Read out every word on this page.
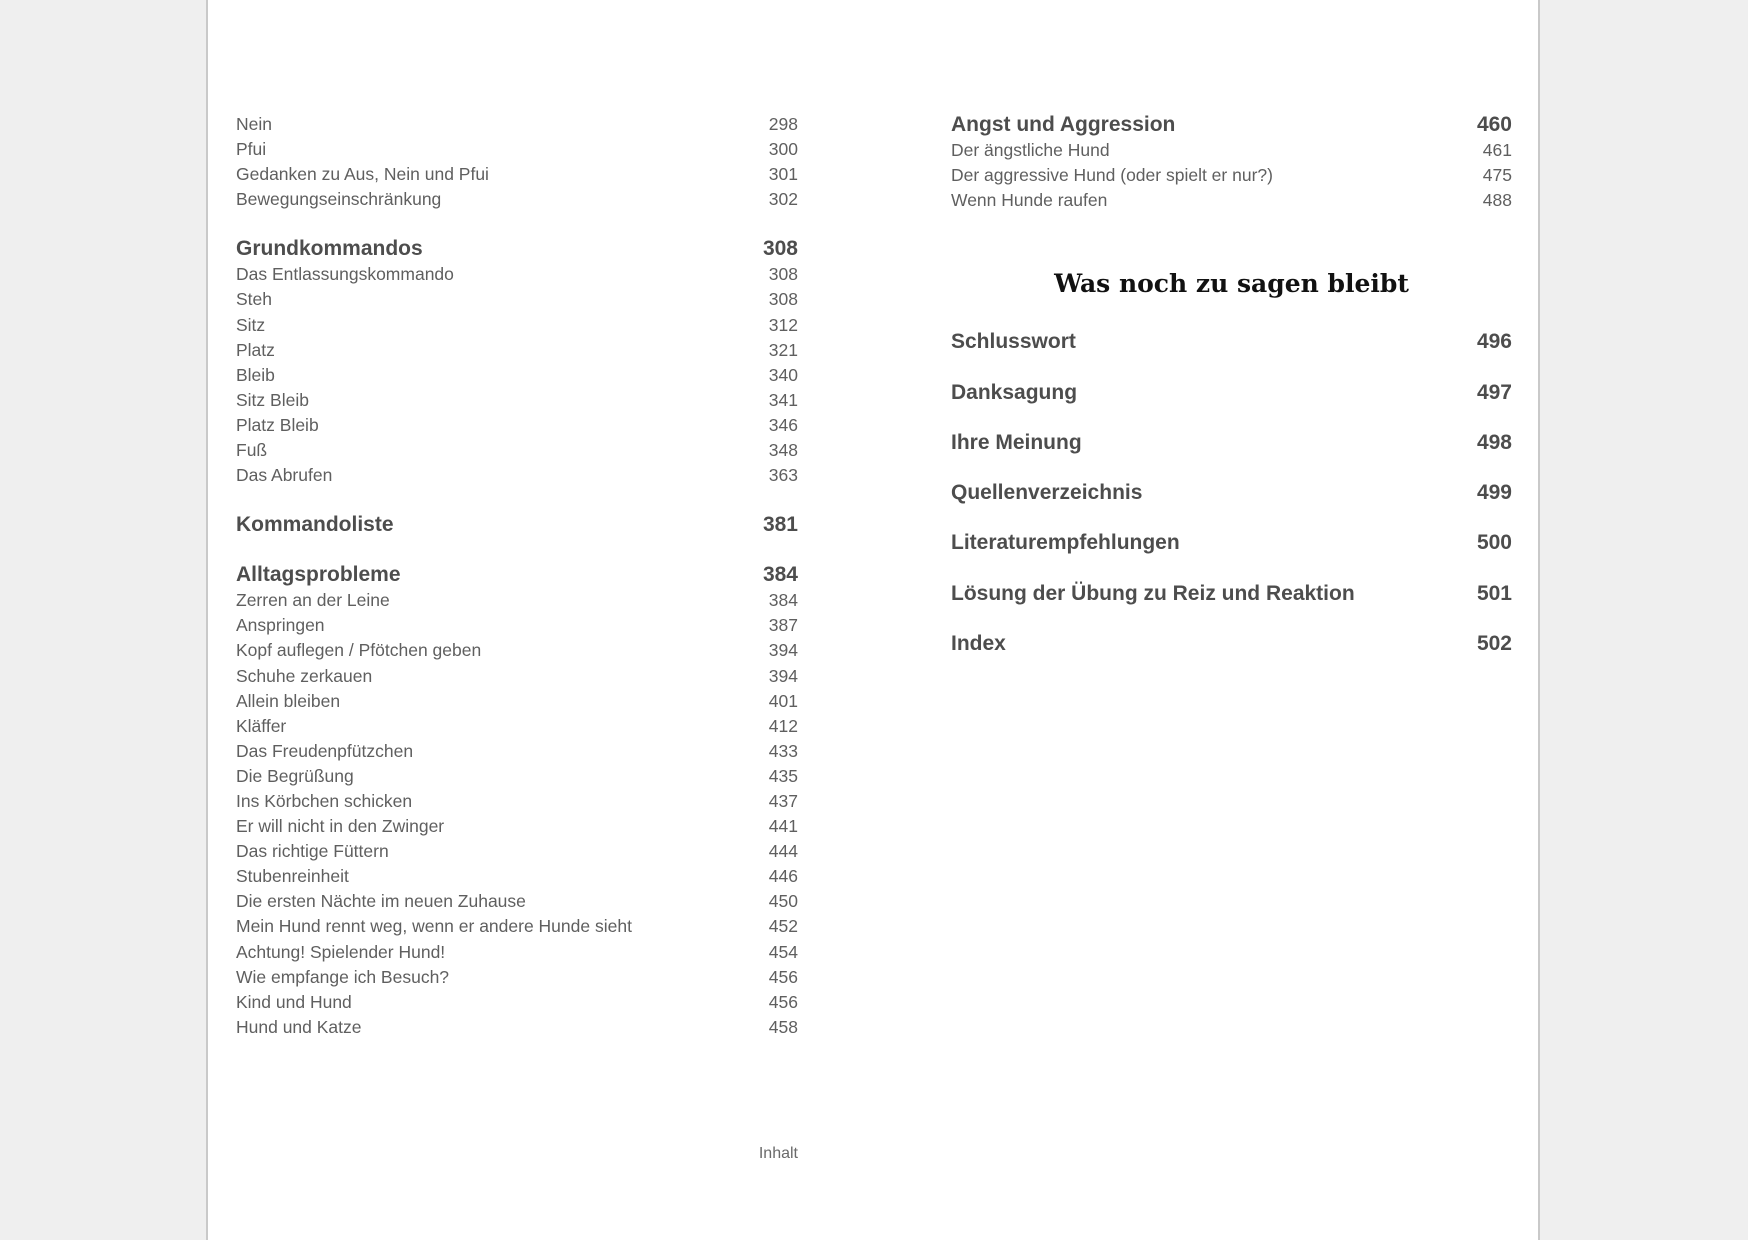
Nein	298
Pfui	300
Gedanken zu Aus, Nein und Pfui	301
Bewegungseinschränkung	302
Grundkommandos	308
Das Entlassungskommando	308
Steh	308
Sitz	312
Platz	321
Bleib	340
Sitz Bleib	341
Platz Bleib	346
Fuß	348
Das Abrufen	363
Kommandoliste	381
Alltagsprobleme	384
Zerren an der Leine	384
Anspringen	387
Kopf auflegen / Pfötchen geben	394
Schuhe zerkauen	394
Allein bleiben	401
Kläffer	412
Das Freudenpfützchen	433
Die Begrüßung	435
Ins Körbchen schicken	437
Er will nicht in den Zwinger	441
Das richtige Füttern	444
Stubenreinheit	446
Die ersten Nächte im neuen Zuhause	450
Mein Hund rennt weg, wenn er andere Hunde sieht	452
Achtung! Spielender Hund!	454
Wie empfange ich Besuch?	456
Kind und Hund	456
Hund und Katze	458
Angst und Aggression	460
Der ängstliche Hund	461
Der aggressive Hund (oder spielt er nur?)	475
Wenn Hunde raufen	488
Was noch zu sagen bleibt
Schlusswort	496
Danksagung	497
Ihre Meinung	498
Quellenverzeichnis	499
Literaturempfehlungen	500
Lösung der Übung zu Reiz und Reaktion	501
Index	502
Inhalt
